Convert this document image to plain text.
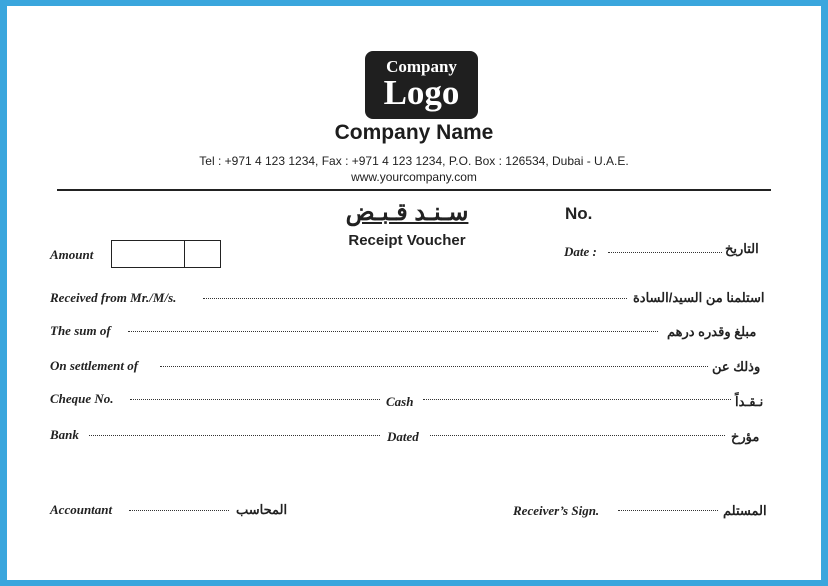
Company
Logo
Company Name
Tel : +971 4 123 1234, Fax : +971 4 123 1234, P.O. Box : 126534, Dubai - U.A.E.
www.yourcompany.com
سـنـد قـبـض
Receipt Voucher
No.
Amount	Date :	التاريخ
Received from Mr./M/s.	استلمنا من السيد/السادة
The sum of	مبلغ وقدره درهم
On settlement of	وذلك عن
Cheque No.	Cash	نـقـداً
Bank	Dated	مؤرخ
Accountant	المحاسب	Receiver’s Sign.	المستلم
